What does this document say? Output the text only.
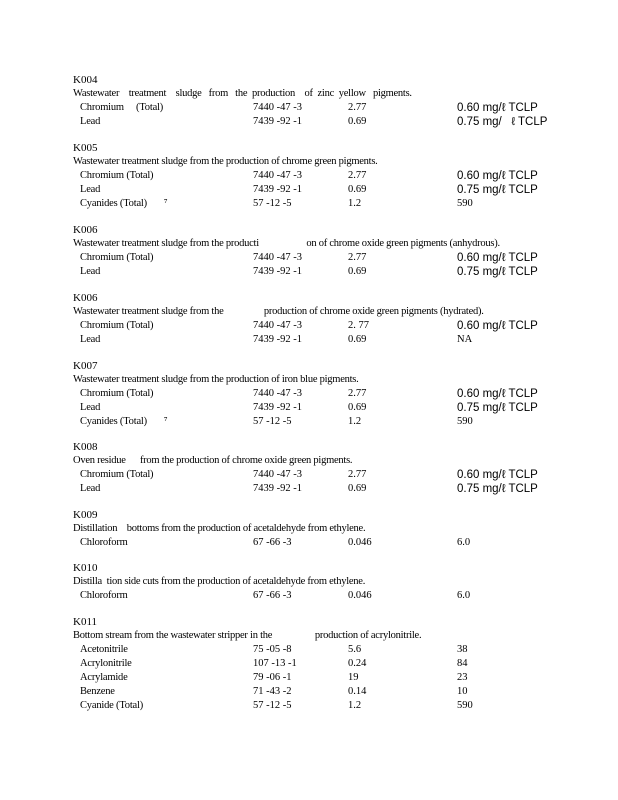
K004
Wastewater    treatment    sludge   from   the  production    of  zinc  yellow   pigments.
Chromium     (Total)	7440 -47 -3	2.77	0.60 mg/ℓ TCLP
Lead	7439 -92 -1	0.69	0.75 mg/   ℓ TCLP
K005
Wastewater treatment sludge from the production of chrome green pigments.
Chromium (Total)	7440 -47 -3	2.77	0.60 mg/ℓ TCLP
Lead	7439 -92 -1	0.69	0.75 mg/ℓ TCLP
Cyanides (Total)       ⁷	57 -12 -5	1.2	590
K006
Wastewater treatment sludge from the producti                    on of chrome oxide green pigments (anhydrous).
Chromium (Total)	7440 -47 -3	2.77	0.60 mg/ℓ TCLP
Lead	7439 -92 -1	0.69	0.75 mg/ℓ TCLP
K006
Wastewater treatment sludge from the                 production of chrome oxide green pigments (hydrated).
Chromium (Total)	7440 -47 -3	2. 77	0.60 mg/ℓ TCLP
Lead	7439 -92 -1	0.69	NA
K007
Wastewater treatment sludge from the production of iron blue pigments.
Chromium (Total)	7440 -47 -3	2.77	0.60 mg/ℓ TCLP
Lead	7439 -92 -1	0.69	0.75 mg/ℓ TCLP
Cyanides (Total)       ⁷	57 -12 -5	1.2	590
K008
Oven residue      from the production of chrome oxide green pigments.
Chromium (Total)	7440 -47 -3	2.77	0.60 mg/ℓ TCLP
Lead	7439 -92 -1	0.69	0.75 mg/ℓ TCLP
K009
Distillation    bottoms from the production of acetaldehyde from ethylene.
Chloroform	67 -66 -3	0.046	6.0
K010
Distilla  tion side cuts from the production of acetaldehyde from ethylene.
Chloroform	67 -66 -3	0.046	6.0
K011
Bottom stream from the wastewater stripper in the                  production of acrylonitrile.
Acetonitrile	75 -05 -8	5.6	38
Acrylonitrile	107 -13 -1	0.24	84
Acrylamide	79 -06 -1	19	23
Benzene	71 -43 -2	0.14	10
Cyanide (Total)	57 -12 -5	1.2	590
